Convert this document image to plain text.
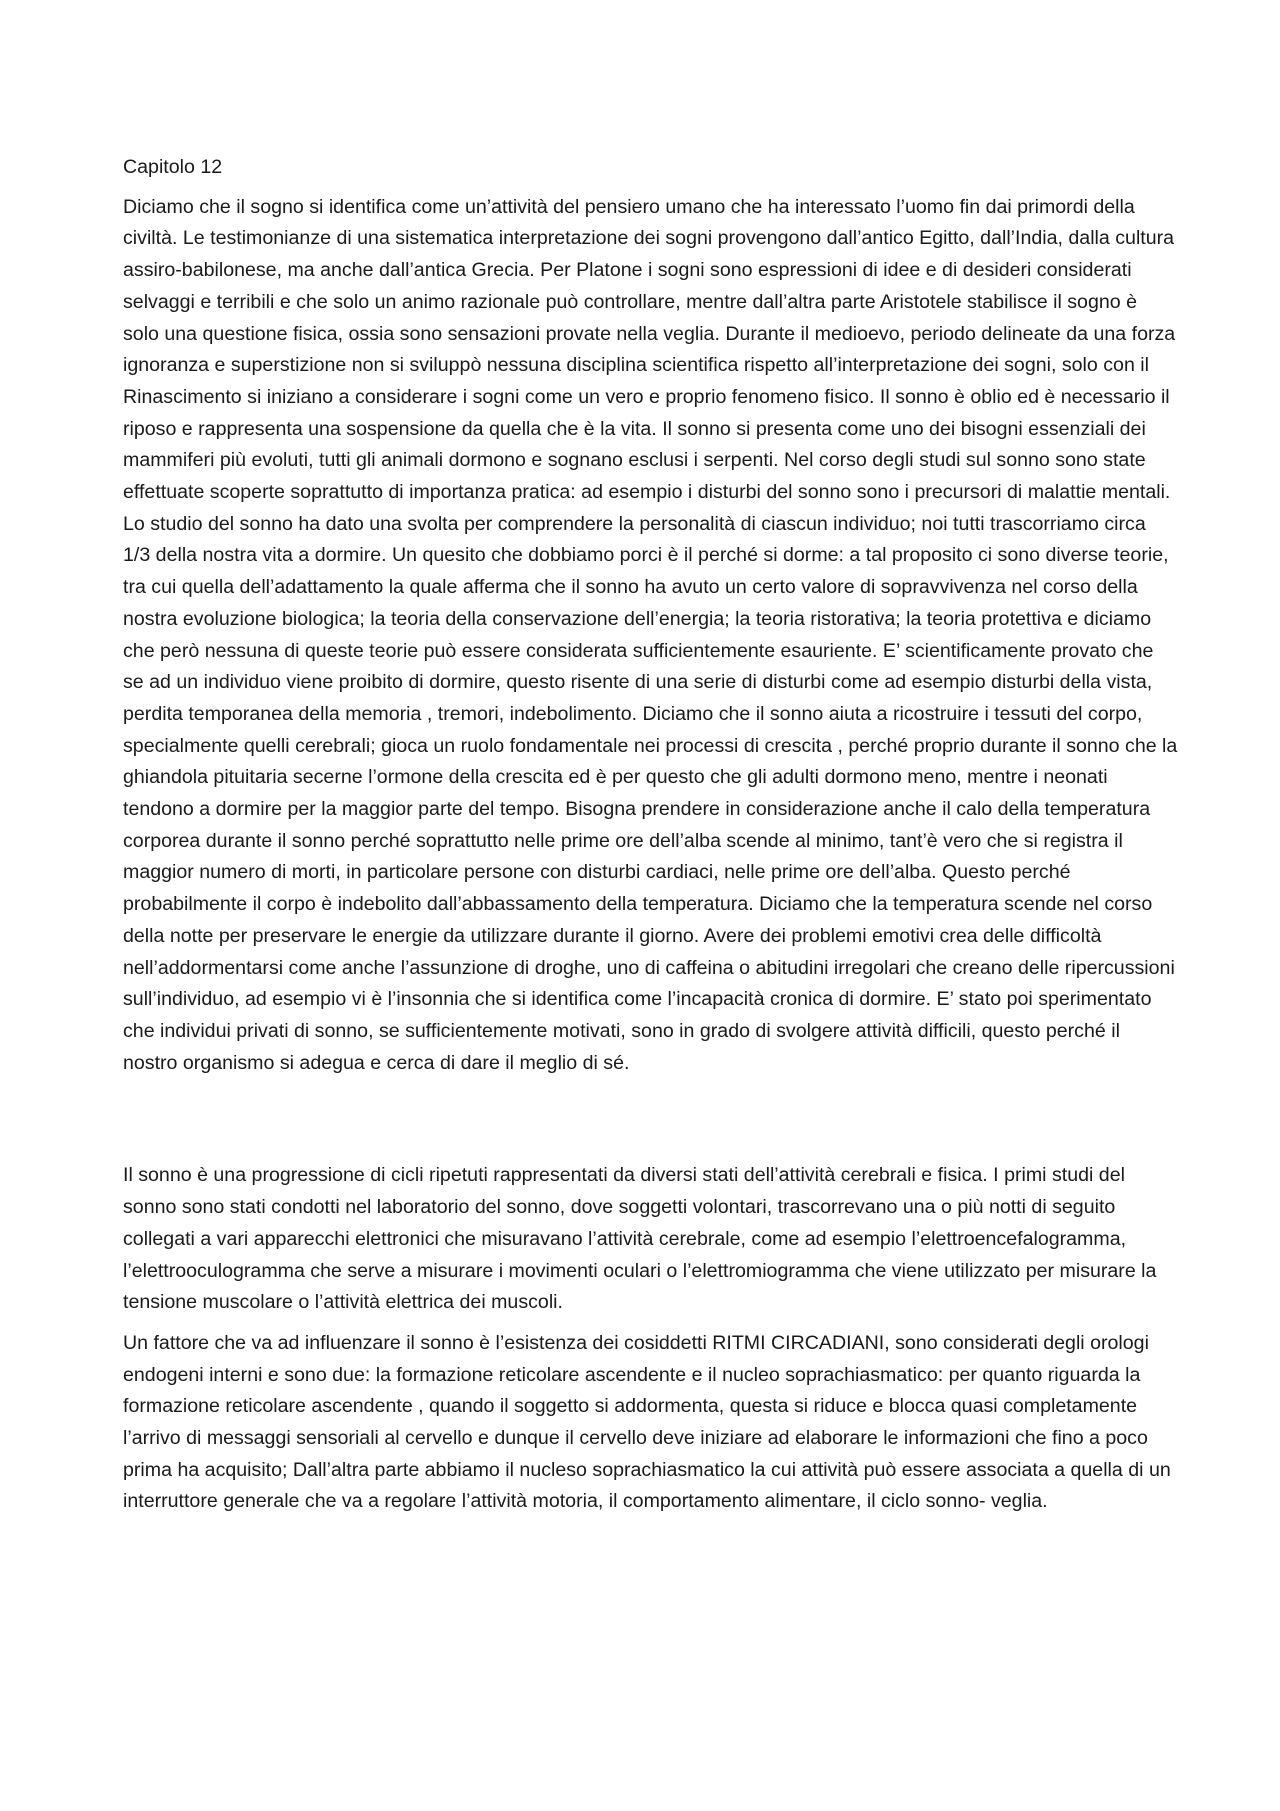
Capitolo 12

Diciamo che il sogno si identifica come un’attività del pensiero umano che ha interessato l’uomo fin dai primordi della civiltà. Le testimonianze di una sistematica interpretazione dei sogni provengono dall’antico Egitto, dall’India, dalla cultura assiro-babilonese, ma anche dall’antica Grecia. Per Platone i sogni sono espressioni di idee e di desideri considerati selvaggi e terribili e che solo un animo razionale può controllare, mentre dall’altra parte Aristotele stabilisce il sogno è solo una questione fisica, ossia sono sensazioni provate nella veglia. Durante il medioevo, periodo delineate da una forza ignoranza e superstizione non si sviluppò nessuna disciplina scientifica rispetto all’interpretazione dei sogni, solo con il Rinascimento si iniziano a considerare i sogni come un vero e proprio fenomeno fisico. Il sonno è oblio ed è necessario il riposo e rappresenta una sospensione da quella che è la vita. Il sonno si presenta come uno dei bisogni essenziali dei mammiferi più evoluti, tutti gli animali dormono e sognano esclusi i serpenti. Nel corso degli studi sul sonno sono state effettuate scoperte soprattutto di importanza pratica: ad esempio i disturbi del sonno sono i precursori di malattie mentali. Lo studio del sonno ha dato una svolta per comprendere la personalità di ciascun individuo; noi tutti trascorriamo circa 1/3 della nostra vita a dormire. Un quesito che dobbiamo porci è il perché si dorme: a tal proposito ci sono diverse teorie, tra cui quella dell’adattamento la quale afferma che il sonno ha avuto un certo valore di sopravvivenza nel corso della nostra evoluzione biologica; la teoria della conservazione dell’energia; la teoria ristorativa; la teoria protettiva e diciamo che però nessuna di queste teorie può essere considerata sufficientemente esauriente. E’ scientificamente provato che se ad un individuo viene proibito di dormire, questo risente di una serie di disturbi come ad esempio disturbi della vista, perdita temporanea della memoria , tremori, indebolimento. Diciamo che il sonno aiuta a ricostruire i tessuti del corpo, specialmente quelli cerebrali; gioca un ruolo fondamentale nei processi di crescita , perché proprio durante il sonno che la ghiandola pituitaria secerne l’ormone della crescita ed è per questo che gli adulti dormono meno, mentre i neonati tendono a dormire per la maggior parte del tempo. Bisogna prendere in considerazione anche il calo della temperatura corporea durante il sonno perché soprattutto nelle prime ore dell’alba scende al minimo, tant’è vero che si registra il maggior numero di morti, in particolare persone con disturbi cardiaci, nelle prime ore dell’alba. Questo perché probabilmente il corpo è indebolito dall’abbassamento della temperatura. Diciamo che la temperatura scende nel corso della notte per preservare le energie da utilizzare durante il giorno. Avere dei problemi emotivi crea delle difficoltà nell’addormentarsi come anche l’assunzione di droghe, uno di caffeina o abitudini irregolari che creano delle ripercussioni sull’individuo, ad esempio vi è l’insonnia che si identifica come l’incapacità cronica di dormire. E’ stato poi sperimentato che individui privati di sonno, se sufficientemente motivati, sono in grado di svolgere attività difficili, questo perché il nostro organismo si adegua e cerca di dare il meglio di sé.

Il sonno è una progressione di cicli ripetuti rappresentati da diversi stati dell’attività cerebrali e fisica. I primi studi del sonno sono stati condotti nel laboratorio del sonno, dove soggetti volontari, trascorrevano una o più notti di seguito collegati a vari apparecchi elettronici che misuravano l’attività cerebrale, come ad esempio l’elettroencefalogramma, l’elettrooculogramma che serve a misurare i movimenti oculari o l’elettromiogramma che viene utilizzato per misurare la tensione muscolare o l’attività elettrica dei muscoli.

Un fattore che va ad influenzare il sonno è l’esistenza dei cosiddetti RITMI CIRCADIANI, sono considerati degli orologi endogeni interni e sono due: la formazione reticolare ascendente e il nucleo soprachiasmatico: per quanto riguarda la formazione reticolare ascendente , quando il soggetto si addormenta, questa si riduce e blocca quasi completamente l’arrivo di messaggi sensoriali al cervello e dunque il cervello deve iniziare ad elaborare le informazioni che fino a poco prima ha acquisito; Dall’altra parte abbiamo il nucleso soprachiasmatico la cui attività può essere associata a quella di un interruttore generale che va a regolare l’attività motoria, il comportamento alimentare, il ciclo sonno- veglia.
